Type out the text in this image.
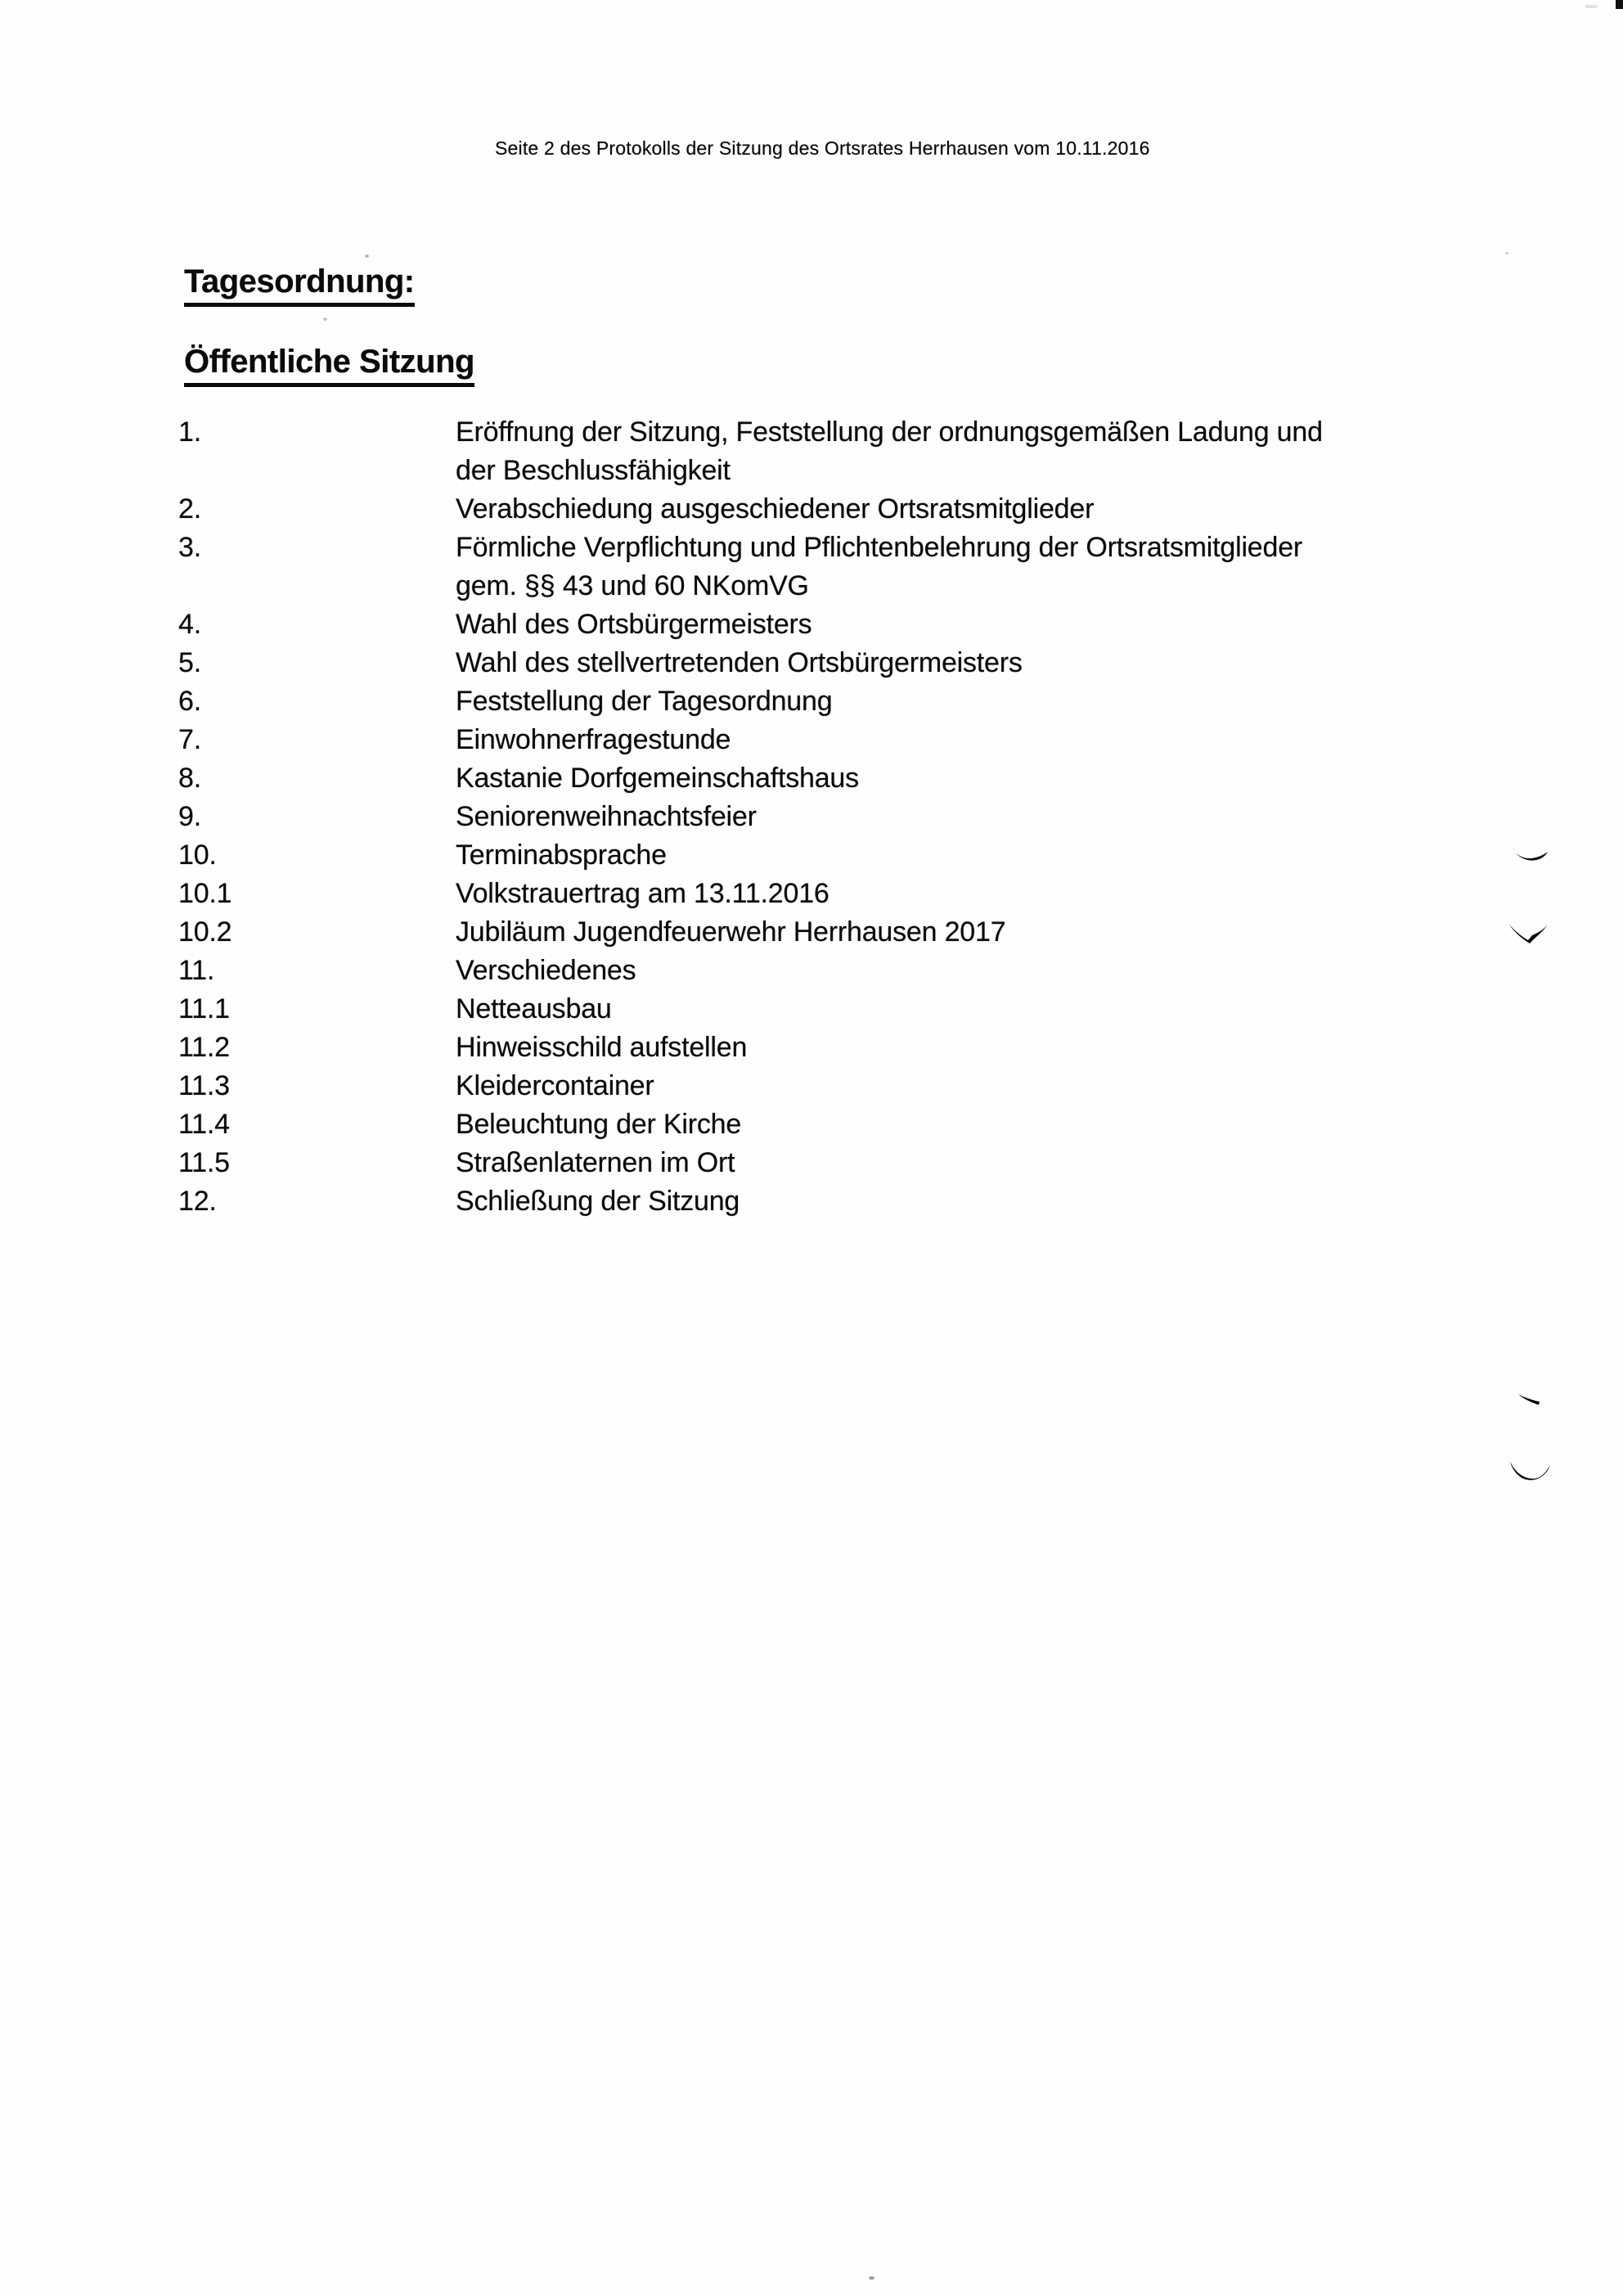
Seite 2 des Protokolls der Sitzung des Ortsrates Herrhausen vom 10.11.2016
Tagesordnung:
Öffentliche Sitzung
1.	Eröffnung der Sitzung, Feststellung der ordnungsgemäßen Ladung und
der Beschlussfähigkeit
2.	Verabschiedung ausgeschiedener Ortsratsmitglieder
3.	Förmliche Verpflichtung und Pflichtenbelehrung der Ortsratsmitglieder
gem. §§ 43 und 60 NKomVG
4.	Wahl des Ortsbürgermeisters
5.	Wahl des stellvertretenden Ortsbürgermeisters
6.	Feststellung der Tagesordnung
7.	Einwohnerfragestunde
8.	Kastanie Dorfgemeinschaftshaus
9.	Seniorenweihnachtsfeier
10.	Terminabsprache
10.1	Volkstrauertrag am 13.11.2016
10.2	Jubiläum Jugendfeuerwehr Herrhausen 2017
11.	Verschiedenes
11.1	Netteausbau
11.2	Hinweisschild aufstellen
11.3	Kleidercontainer
11.4	Beleuchtung der Kirche
11.5	Straßenlaternen im Ort
12.	Schließung der Sitzung
